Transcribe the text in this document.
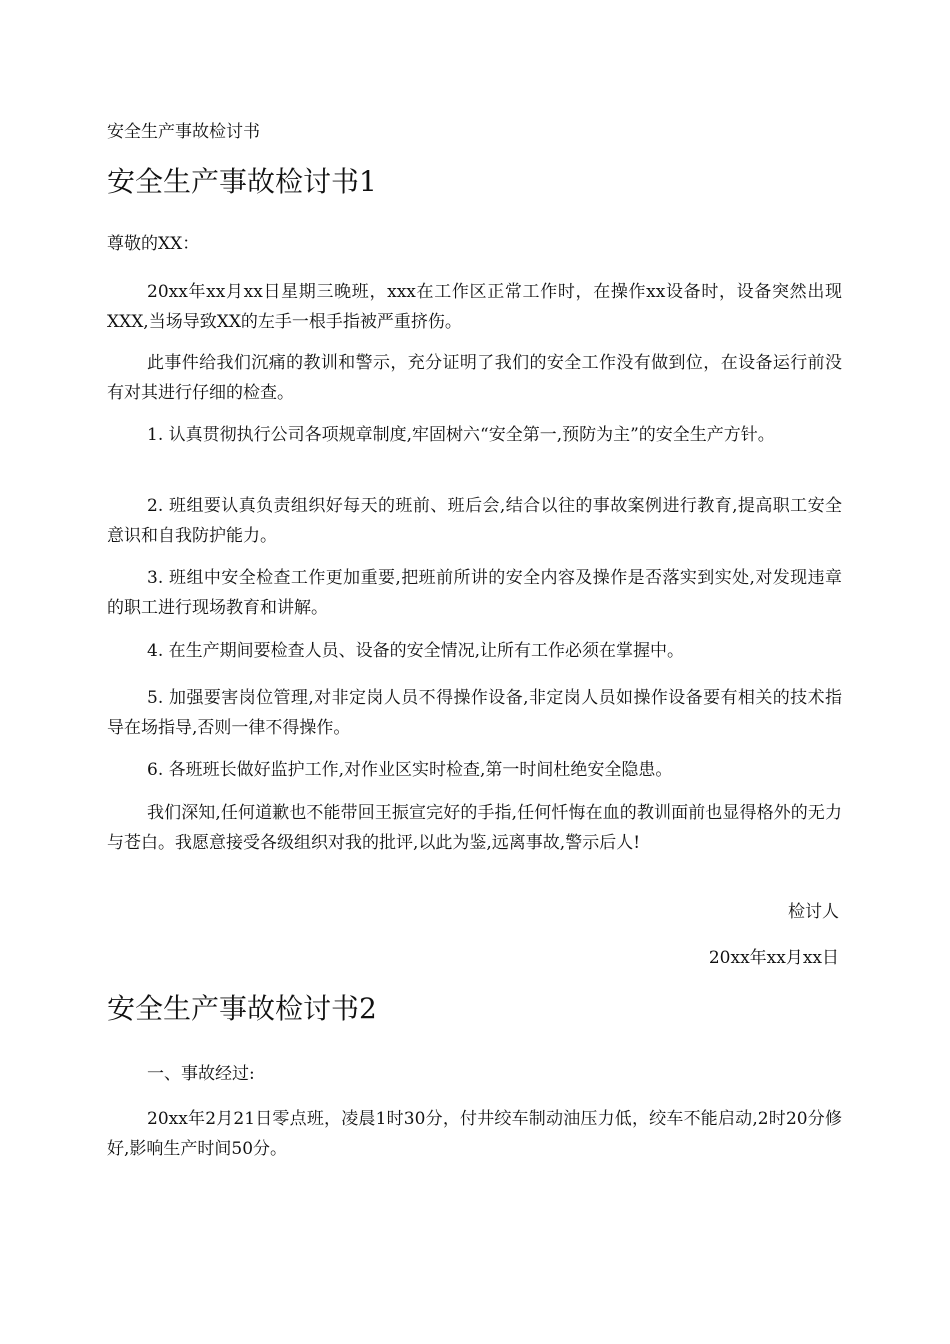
安全生产事故检讨书
安全生产事故检讨书1
尊敬的XX：
20xx年xx月xx日星期三晚班，xxx在工作区正常工作时，在操作xx设备时，设备突然出现XXX,当场导致XX的左手一根手指被严重挤伤。
此事件给我们沉痛的教训和警示，充分证明了我们的安全工作没有做到位，在设备运行前没有对其进行仔细的检查。
1. 认真贯彻执行公司各项规章制度,牢固树六“安全第一,预防为主”的安全生产方针。
2. 班组要认真负责组织好每天的班前、班后会,结合以往的事故案例进行教育,提高职工安全意识和自我防护能力。
3. 班组中安全检查工作更加重要,把班前所讲的安全内容及操作是否落实到实处,对发现违章的职工进行现场教育和讲解。
4. 在生产期间要检查人员、设备的安全情况,让所有工作必须在掌握中。
5. 加强要害岗位管理,对非定岗人员不得操作设备,非定岗人员如操作设备要有相关的技术指导在场指导,否则一律不得操作。
6. 各班班长做好监护工作,对作业区实时检查,第一时间杜绝安全隐患。
我们深知,任何道歉也不能带回王振宣完好的手指,任何忏悔在血的教训面前也显得格外的无力与苍白。我愿意接受各级组织对我的批评,以此为鉴,远离事故,警示后人!
检讨人
20xx年xx月xx日
安全生产事故检讨书2
一、事故经过:
20xx年2月21日零点班，凌晨1时30分，付井绞车制动油压力低，绞车不能启动,2时20分修好,影响生产时间50分。
